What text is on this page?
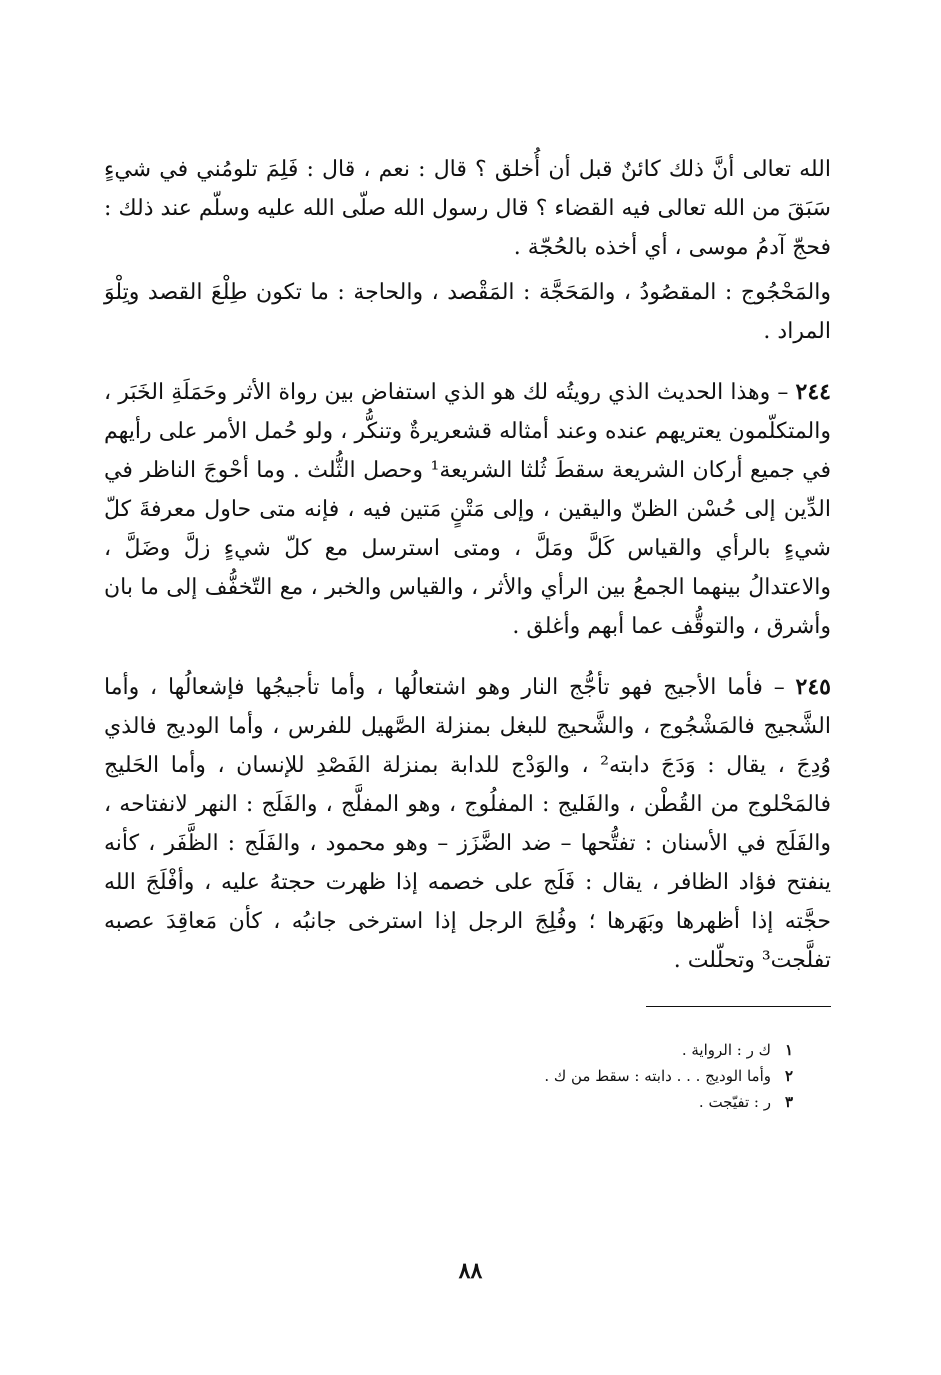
الله تعالى أنَّ ذلك كائنٌ قبل أن أُخلق ؟ قال : نعم ، قال : فَلِمَ تلومُني في شيءٍ سَبَقَ من الله تعالى فيه القضاء ؟ قال رسول الله صلّى الله عليه وسلّم عند ذلك : فحجّ آدمُ موسى ، أي أخذه بالحُجّة .

والمَحْجُوج : المقصُودُ ، والمَحَجَّة : المَقْصد ، والحاجة : ما تكون طِلْعَ القصد وتِلْوَ المراد .

٢٤٤ – وهذا الحديث الذي رويتُه لك هو الذي استفاض بين رواة الأثر وحَمَلَةِ الخَبَر ، والمتكلّمون يعتريهم عنده وعند أمثاله قشعريرةٌ وتنكُّر ، ولو حُمل الأمر على رأيهم في جميع أركان الشريعة سقطَ ثُلثا الشريعة¹ وحصل الثُّلث . وما أحْوجَ الناظر في الدِّين إلى حُسْن الظنّ واليقين ، وإلى مَتْنٍ مَتين فيه ، فإنه متى حاول معرفةَ كلّ شيءٍ بالرأي والقياس كَلَّ ومَلَّ ، ومتى استرسل مع كلّ شيءٍ زلَّ وضَلَّ ، والاعتدالُ بينهما الجمعُ بين الرأي والأثر ، والقياس والخبر ، مع التّخفُّف إلى ما بان وأشرق ، والتوقُّف عما أبهم وأغلق .

٢٤٥ – فأما الأجيج فهو تأجُّج النار وهو اشتعالُها ، وأما تأجيجُها فإشعالُها ، وأما الشَّجيج فالمَشْجُوج ، والشَّحيج للبغل بمنزلة الصَّهيل للفرس ، وأما الوديج فالذي وُدِجَ ، يقال : وَدَجَ دابته² ، والوَدْج للدابة بمنزلة الفَصْدِ للإنسان ، وأما الحَليج فالمَحْلوج من القُطْن ، والفَليج : المفلُوج ، وهو المفلَّج ، والفَلَج : النهر لانفتاحه ، والفَلَج في الأسنان : تفتُّحها – ضد الضَّزَز – وهو محمود ، والفَلَج : الظَّفَر ، كأنه ينفتح فؤاد الظافر ، يقال : فَلَج على خصمه إذا ظهرت حجتهُ عليه ، وأفْلَجَ الله حجَّته إذا أظهرها وبَهَرها ؛ وفُلِجَ الرجل إذا استرخى جانبُه ، كأن مَعاقِدَ عصبه تفلَّجت³ وتحلّلت .

١
ك ر : الرواية .
٢
وأما الوديج . . . دابته : سقط من ك .
٣
ر : تفيّجت .
٨٨
